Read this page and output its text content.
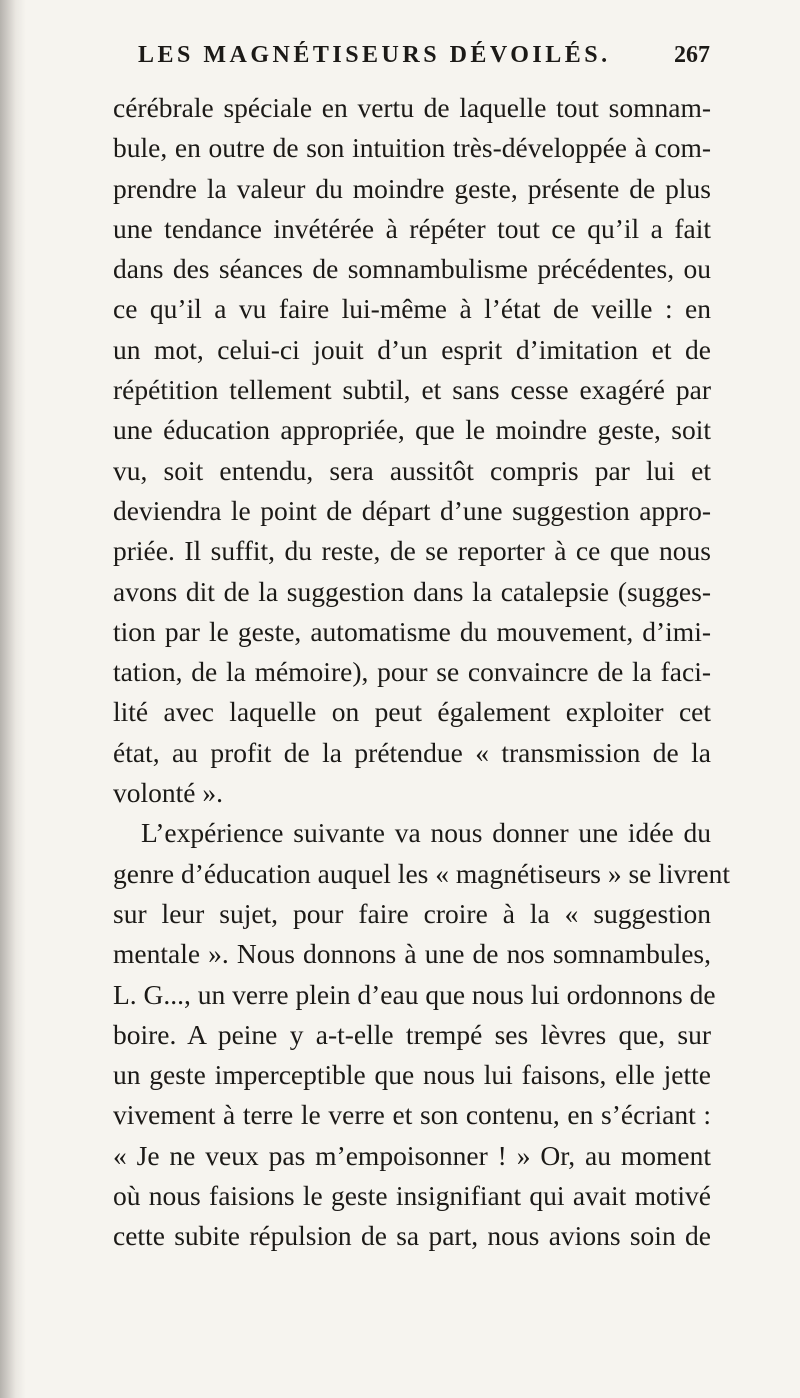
LES MAGNÉTISEURS DÉVOILÉS.	267
cérébrale spéciale en vertu de laquelle tout somnam-
bule, en outre de son intuition très-développée à com-
prendre la valeur du moindre geste, présente de plus
une tendance invétérée à répéter tout ce qu’il a fait
dans des séances de somnambulisme précédentes, ou
ce qu’il a vu faire lui-même à l’état de veille : en
un mot, celui-ci jouit d’un esprit d’imitation et de
répétition tellement subtil, et sans cesse exagéré par
une éducation appropriée, que le moindre geste, soit
vu, soit entendu, sera aussitôt compris par lui et
deviendra le point de départ d’une suggestion appro-
priée. Il suffit, du reste, de se reporter à ce que nous
avons dit de la suggestion dans la catalepsie (sugges-
tion par le geste, automatisme du mouvement, d’imi-
tation, de la mémoire), pour se convaincre de la faci-
lité avec laquelle on peut également exploiter cet
état, au profit de la prétendue « transmission de la
volonté ».
L’expérience suivante va nous donner une idée du
genre d’éducation auquel les « magnétiseurs » se livrent
sur leur sujet, pour faire croire à la « suggestion
mentale ». Nous donnons à une de nos somnambules,
L. G..., un verre plein d’eau que nous lui ordonnons de
boire. A peine y a-t-elle trempé ses lèvres que, sur
un geste imperceptible que nous lui faisons, elle jette
vivement à terre le verre et son contenu, en s’écriant :
« Je ne veux pas m’empoisonner ! » Or, au moment
où nous faisions le geste insignifiant qui avait motivé
cette subite répulsion de sa part, nous avions soin de
